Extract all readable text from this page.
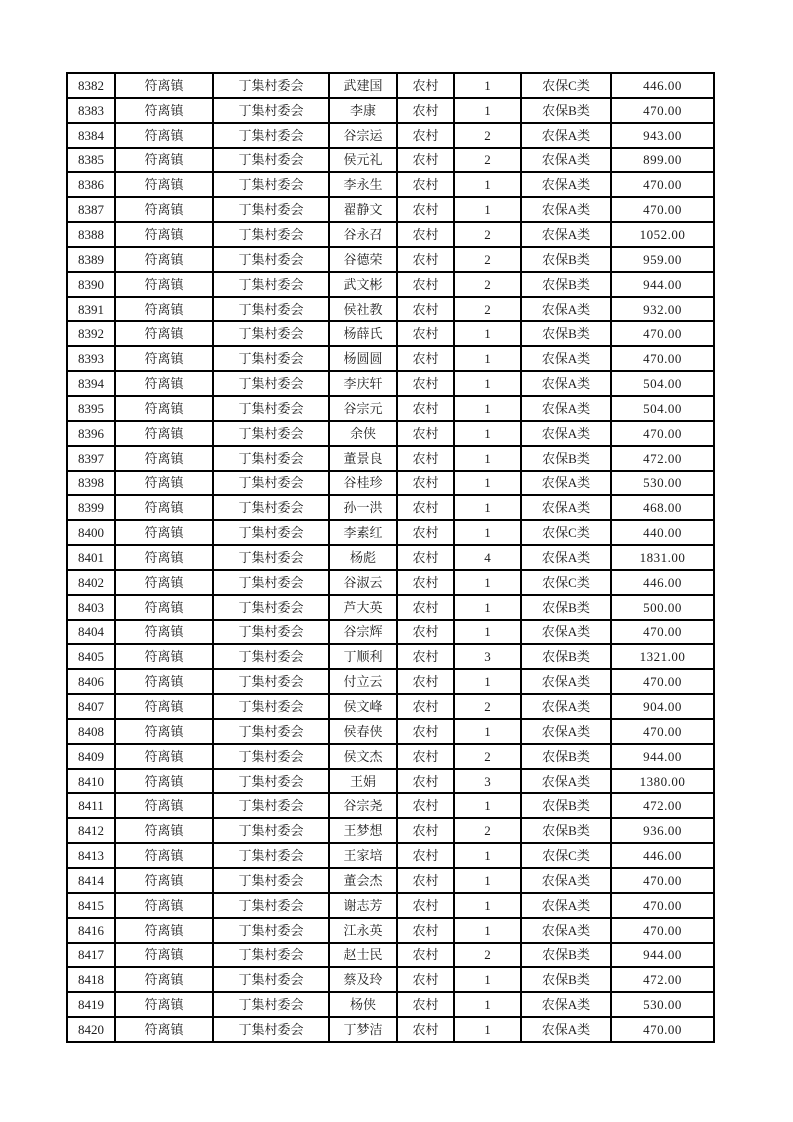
8382	符离镇	丁集村委会	武建国	农村	1	农保C类	446.00
8383	符离镇	丁集村委会	李康	农村	1	农保B类	470.00
8384	符离镇	丁集村委会	谷宗运	农村	2	农保A类	943.00
8385	符离镇	丁集村委会	侯元礼	农村	2	农保A类	899.00
8386	符离镇	丁集村委会	李永生	农村	1	农保A类	470.00
8387	符离镇	丁集村委会	翟静文	农村	1	农保A类	470.00
8388	符离镇	丁集村委会	谷永召	农村	2	农保A类	1052.00
8389	符离镇	丁集村委会	谷德荣	农村	2	农保B类	959.00
8390	符离镇	丁集村委会	武文彬	农村	2	农保B类	944.00
8391	符离镇	丁集村委会	侯社教	农村	2	农保A类	932.00
8392	符离镇	丁集村委会	杨薛氏	农村	1	农保B类	470.00
8393	符离镇	丁集村委会	杨圆圆	农村	1	农保A类	470.00
8394	符离镇	丁集村委会	李庆轩	农村	1	农保A类	504.00
8395	符离镇	丁集村委会	谷宗元	农村	1	农保A类	504.00
8396	符离镇	丁集村委会	余侠	农村	1	农保A类	470.00
8397	符离镇	丁集村委会	董景良	农村	1	农保B类	472.00
8398	符离镇	丁集村委会	谷桂珍	农村	1	农保A类	530.00
8399	符离镇	丁集村委会	孙一洪	农村	1	农保A类	468.00
8400	符离镇	丁集村委会	李素红	农村	1	农保C类	440.00
8401	符离镇	丁集村委会	杨彪	农村	4	农保A类	1831.00
8402	符离镇	丁集村委会	谷淑云	农村	1	农保C类	446.00
8403	符离镇	丁集村委会	芦大英	农村	1	农保B类	500.00
8404	符离镇	丁集村委会	谷宗辉	农村	1	农保A类	470.00
8405	符离镇	丁集村委会	丁顺利	农村	3	农保B类	1321.00
8406	符离镇	丁集村委会	付立云	农村	1	农保A类	470.00
8407	符离镇	丁集村委会	侯文峰	农村	2	农保A类	904.00
8408	符离镇	丁集村委会	侯春侠	农村	1	农保A类	470.00
8409	符离镇	丁集村委会	侯文杰	农村	2	农保B类	944.00
8410	符离镇	丁集村委会	王娟	农村	3	农保A类	1380.00
8411	符离镇	丁集村委会	谷宗尧	农村	1	农保B类	472.00
8412	符离镇	丁集村委会	王梦想	农村	2	农保B类	936.00
8413	符离镇	丁集村委会	王家培	农村	1	农保C类	446.00
8414	符离镇	丁集村委会	董会杰	农村	1	农保A类	470.00
8415	符离镇	丁集村委会	谢志芳	农村	1	农保A类	470.00
8416	符离镇	丁集村委会	江永英	农村	1	农保A类	470.00
8417	符离镇	丁集村委会	赵士民	农村	2	农保B类	944.00
8418	符离镇	丁集村委会	蔡及玲	农村	1	农保B类	472.00
8419	符离镇	丁集村委会	杨侠	农村	1	农保A类	530.00
8420	符离镇	丁集村委会	丁梦洁	农村	1	农保A类	470.00
